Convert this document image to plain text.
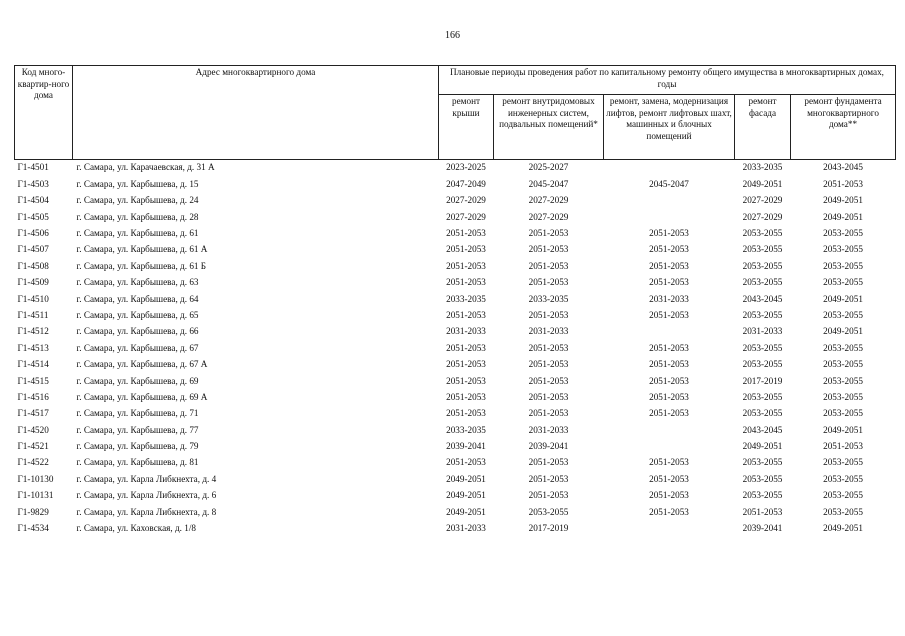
166
Код много-квартир-ного дома	Адрес многоквартирного дома	Плановые периоды проведения работ по капитальному ремонту общего имущества в многоквартирных домах, годы				
		ремонт крыши	ремонт внутридомовых инженерных систем, подвальных помещений*	ремонт, замена, модернизация лифтов, ремонт лифтовых шахт, машинных и блочных помещений	ремонт фасада	ремонт фундамента многоквартирного дома**
Г1-4501	г. Самара, ул. Карачаевская, д. 31 А	2023-2025	2025-2027		2033-2035	2043-2045
Г1-4503	г. Самара, ул. Карбышева, д. 15	2047-2049	2045-2047	2045-2047	2049-2051	2051-2053
Г1-4504	г. Самара, ул. Карбышева, д. 24	2027-2029	2027-2029		2027-2029	2049-2051
Г1-4505	г. Самара, ул. Карбышева, д. 28	2027-2029	2027-2029		2027-2029	2049-2051
Г1-4506	г. Самара, ул. Карбышева, д. 61	2051-2053	2051-2053	2051-2053	2053-2055	2053-2055
Г1-4507	г. Самара, ул. Карбышева, д. 61 А	2051-2053	2051-2053	2051-2053	2053-2055	2053-2055
Г1-4508	г. Самара, ул. Карбышева, д. 61 Б	2051-2053	2051-2053	2051-2053	2053-2055	2053-2055
Г1-4509	г. Самара, ул. Карбышева, д. 63	2051-2053	2051-2053	2051-2053	2053-2055	2053-2055
Г1-4510	г. Самара, ул. Карбышева, д. 64	2033-2035	2033-2035	2031-2033	2043-2045	2049-2051
Г1-4511	г. Самара, ул. Карбышева, д. 65	2051-2053	2051-2053	2051-2053	2053-2055	2053-2055
Г1-4512	г. Самара, ул. Карбышева, д. 66	2031-2033	2031-2033		2031-2033	2049-2051
Г1-4513	г. Самара, ул. Карбышева, д. 67	2051-2053	2051-2053	2051-2053	2053-2055	2053-2055
Г1-4514	г. Самара, ул. Карбышева, д. 67 А	2051-2053	2051-2053	2051-2053	2053-2055	2053-2055
Г1-4515	г. Самара, ул. Карбышева, д. 69	2051-2053	2051-2053	2051-2053	2017-2019	2053-2055
Г1-4516	г. Самара, ул. Карбышева, д. 69 А	2051-2053	2051-2053	2051-2053	2053-2055	2053-2055
Г1-4517	г. Самара, ул. Карбышева, д. 71	2051-2053	2051-2053	2051-2053	2053-2055	2053-2055
Г1-4520	г. Самара, ул. Карбышева, д. 77	2033-2035	2031-2033		2043-2045	2049-2051
Г1-4521	г. Самара, ул. Карбышева, д. 79	2039-2041	2039-2041		2049-2051	2051-2053
Г1-4522	г. Самара, ул. Карбышева, д. 81	2051-2053	2051-2053	2051-2053	2053-2055	2053-2055
Г1-10130	г. Самара, ул. Карла Либкнехта, д. 4	2049-2051	2051-2053	2051-2053	2053-2055	2053-2055
Г1-10131	г. Самара, ул. Карла Либкнехта, д. 6	2049-2051	2051-2053	2051-2053	2053-2055	2053-2055
Г1-9829	г. Самара, ул. Карла Либкнехта, д. 8	2049-2051	2053-2055	2051-2053	2051-2053	2053-2055
Г1-4534	г. Самара, ул. Каховская, д. 1/8	2031-2033	2017-2019		2039-2041	2049-2051
